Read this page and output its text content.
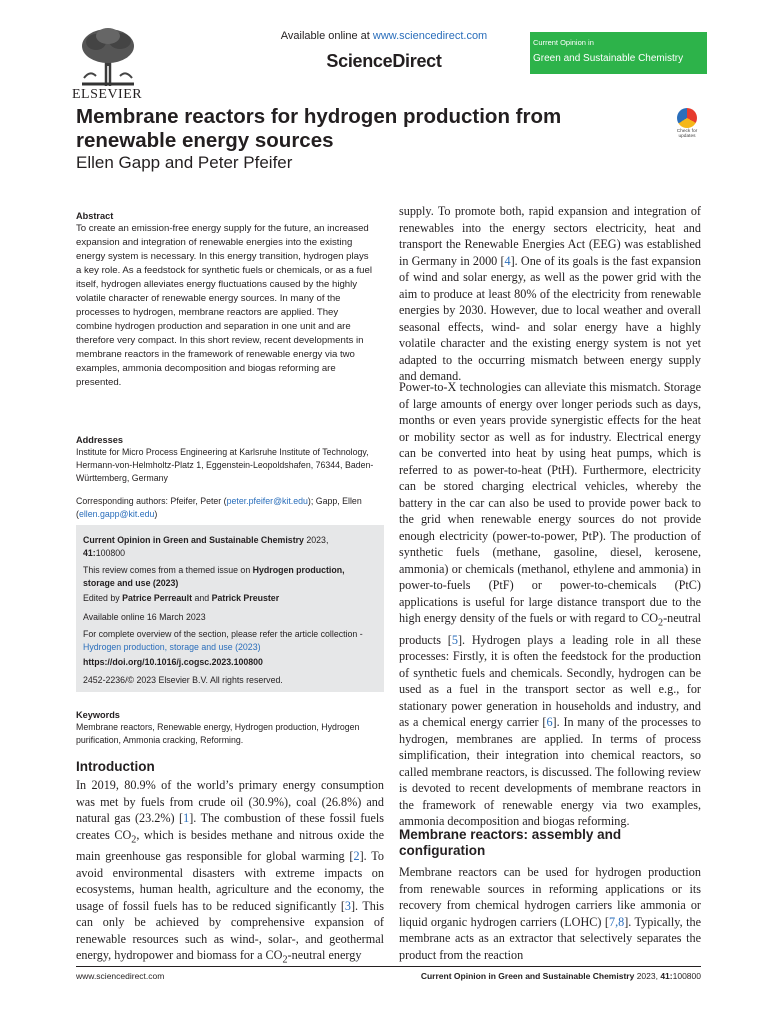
ELSEVIER
Available online at www.sciencedirect.com
ScienceDirect
Current Opinion in
Green and Sustainable Chemistry
Membrane reactors for hydrogen production from renewable energy sources
Ellen Gapp and Peter Pfeifer
Check for updates
Abstract
To create an emission-free energy supply for the future, an increased expansion and integration of renewable energies into the existing energy system is necessary. In this energy transition, hydrogen plays a key role. As a feedstock for synthetic fuels or chemicals, or as a fuel itself, hydrogen alleviates energy fluctuations caused by the highly volatile character of renewable energy sources. In many of the processes to hydrogen, membrane reactors are applied. They combine hydrogen production and separation in one unit and are therefore very compact. In this short review, recent developments in membrane reactors in the framework of renewable energy via two examples, ammonia decomposition and biogas reforming are presented.
Addresses
Institute for Micro Process Engineering at Karlsruhe Institute of Technology, Hermann-von-Helmholtz-Platz 1, Eggenstein-Leopoldshafen, 76344, Baden-Württemberg, Germany
Corresponding authors: Pfeifer, Peter (peter.pfeifer@kit.edu); Gapp, Ellen (ellen.gapp@kit.edu)
Current Opinion in Green and Sustainable Chemistry 2023,
41:100800
This review comes from a themed issue on Hydrogen production, storage and use (2023)
Edited by Patrice Perreault and Patrick Preuster
Available online 16 March 2023
For complete overview of the section, please refer the article collection - Hydrogen production, storage and use (2023)
https://doi.org/10.1016/j.cogsc.2023.100800
2452-2236/© 2023 Elsevier B.V. All rights reserved.
Keywords
Membrane reactors, Renewable energy, Hydrogen production, Hydrogen purification, Ammonia cracking, Reforming.
Introduction
In 2019, 80.9% of the world’s primary energy consumption was met by fuels from crude oil (30.9%), coal (26.8%) and natural gas (23.2%) [1]. The combustion of these fossil fuels creates $CO_2$, which is besides methane and nitrous oxide the main greenhouse gas responsible for global warming [2]. To avoid environmental disasters with extreme impacts on ecosystems, human health, agriculture and the economy, the usage of fossil fuels has to be reduced significantly [3]. This can only be achieved by comprehensive expansion of renewable resources such as wind-, solar-, and geothermal energy, hydropower and biomass for a $CO_2$-neutral energy
supply. To promote both, rapid expansion and integration of renewables into the energy sectors electricity, heat and transport the Renewable Energies Act (EEG) was established in Germany in 2000 [4]. One of its goals is the fast expansion of wind and solar energy, as well as the power grid with the aim to produce at least 80% of the electricity from renewable energies by 2030. However, due to local weather and overall seasonal effects, wind- and solar energy have a highly volatile character and the existing energy system is not yet adapted to the occurring mismatch between energy supply and demand.
Power-to-X technologies can alleviate this mismatch. Storage of large amounts of energy over longer periods such as days, months or even years provide synergistic effects for the heat or mobility sector as well as for industry. Electrical energy can be converted into heat by using heat pumps, which is referred to as power-to-heat (PtH). Furthermore, electricity can be stored charging electrical vehicles, whereby the battery in the car can also be used to provide power back to the grid when renewable energy sources do not provide enough electricity (power-to-power, PtP). The production of synthetic fuels (methane, gasoline, diesel, kerosene, ammonia) or chemicals (methanol, ethylene and ammonia) in power-to-fuels (PtF) or power-to-chemicals (PtC) applications is useful for large distance transport due to the high energy density of the fuels or with regard to $CO_2$-neutral products [5]. Hydrogen plays a leading role in all these processes: Firstly, it is often the feedstock for the production of synthetic fuels and chemicals. Secondly, hydrogen can be used as a fuel in the transport sector as well e.g., for stationary power generation in households and industry, and as a chemical energy carrier [6]. In many of the processes to hydrogen, membranes are applied. In terms of process simplification, their integration into chemical reactors, so called membrane reactors, is discussed. The following review is devoted to recent developments of membrane reactors in the framework of renewable energy via two examples, ammonia decomposition and biogas reforming.
Membrane reactors: assembly and configuration
Membrane reactors can be used for hydrogen production from renewable sources in reforming applications or its recovery from chemical hydrogen carriers like ammonia or liquid organic hydrogen carriers (LOHC) [7,8]. Typically, the membrane acts as an extractor that selectively separates the product from the reaction
www.sciencedirect.com	Current Opinion in Green and Sustainable Chemistry 2023, 41:100800
